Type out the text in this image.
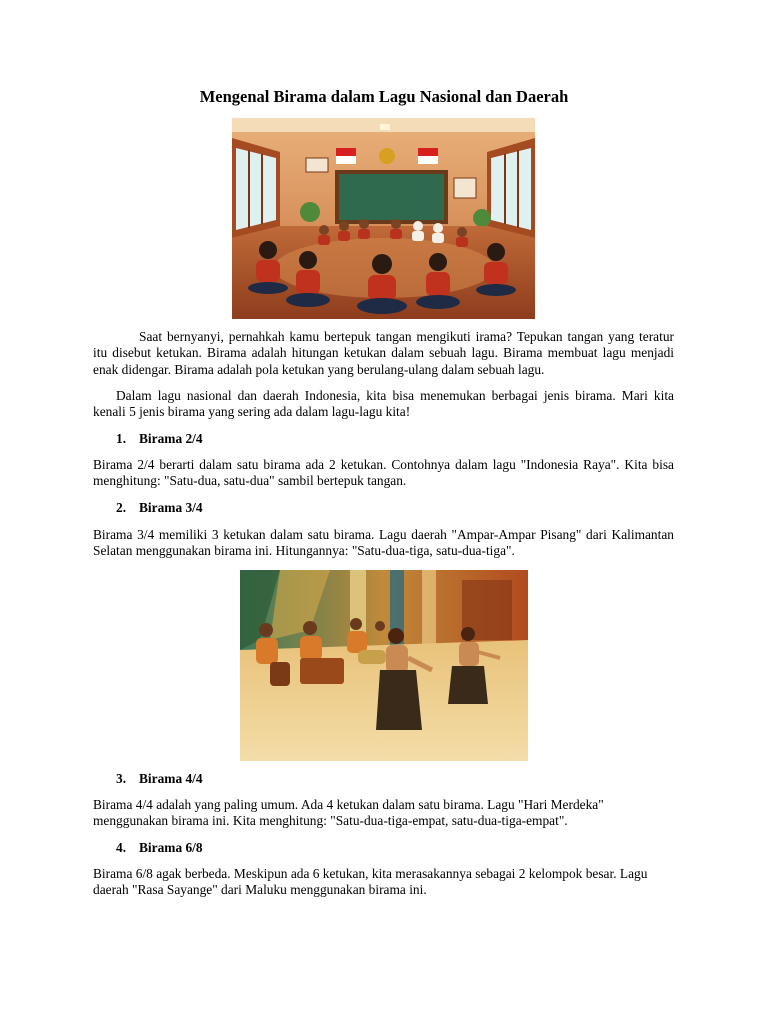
Mengenal Birama dalam Lagu Nasional dan Daerah

Saat bernyanyi, pernahkah kamu bertepuk tangan mengikuti irama? Tepukan tangan yang teratur itu disebut ketukan. Birama adalah hitungan ketukan dalam sebuah lagu. Birama membuat lagu menjadi enak didengar. Birama adalah pola ketukan yang berulang-ulang dalam sebuah lagu.

Dalam lagu nasional dan daerah Indonesia, kita bisa menemukan berbagai jenis birama. Mari kita kenali 5 jenis birama yang sering ada dalam lagu-lagu kita!

1. Birama 2/4

Birama 2/4 berarti dalam satu birama ada 2 ketukan. Contohnya dalam lagu "Indonesia Raya". Kita bisa menghitung: "Satu-dua, satu-dua" sambil bertepuk tangan.

2. Birama 3/4

Birama 3/4 memiliki 3 ketukan dalam satu birama. Lagu daerah "Ampar-Ampar Pisang" dari Kalimantan Selatan menggunakan birama ini. Hitungannya: "Satu-dua-tiga, satu-dua-tiga".

3. Birama 4/4

Birama 4/4 adalah yang paling umum. Ada 4 ketukan dalam satu birama. Lagu "Hari Merdeka" menggunakan birama ini. Kita menghitung: "Satu-dua-tiga-empat, satu-dua-tiga-empat".

4. Birama 6/8

Birama 6/8 agak berbeda. Meskipun ada 6 ketukan, kita merasakannya sebagai 2 kelompok besar. Lagu daerah "Rasa Sayange" dari Maluku menggunakan birama ini.
